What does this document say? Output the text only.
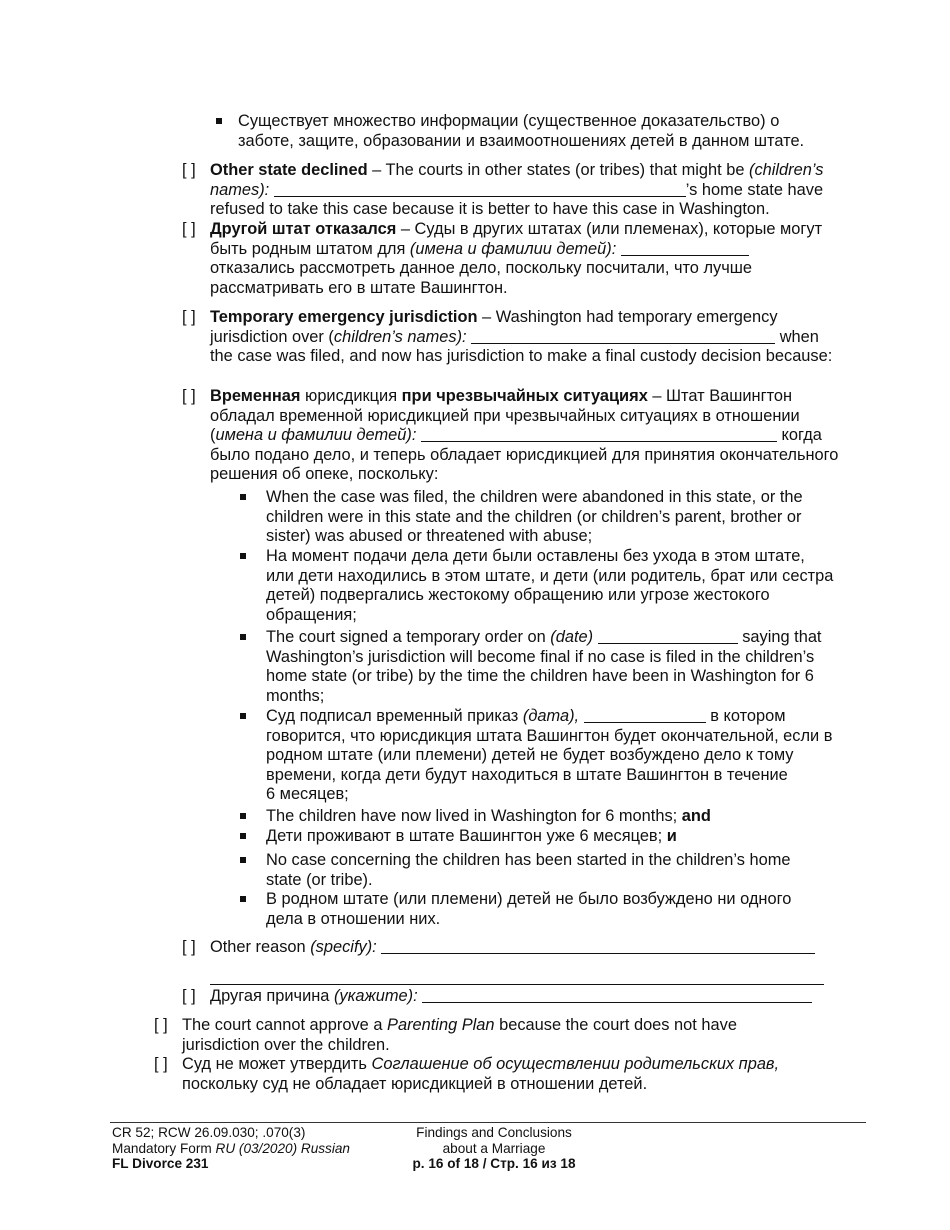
Существует множество информации (существенное доказательство) о заботе, защите, образовании и взаимоотношениях детей в данном штате.
[ ] Other state declined – The courts in other states (or tribes) that might be (children’s names):	’s home state have refused to take this case because it is better to have this case in Washington.
[ ] Другой штат отказался – Суды в других штатах (или племенах), которые могут быть родным штатом для (имена и фамилии детей):  отказались рассмотреть данное дело, поскольку посчитали, что лучше рассматривать его в штате Вашингтон.
[ ] Temporary emergency jurisdiction – Washington had temporary emergency jurisdiction over (children’s names):	when the case was filed, and now has jurisdiction to make a final custody decision because:
[ ] Временная юрисдикция при чрезвычайных ситуациях – Штат Вашингтон обладал временной юрисдикцией при чрезвычайных ситуациях в отношении (имена и фамилии детей):	когда было подано дело, и теперь обладает юрисдикцией для принятия окончательного решения об опеке, поскольку:
When the case was filed, the children were abandoned in this state, or the children were in this state and the children (or children’s parent, brother or sister) was abused or threatened with abuse;
На момент подачи дела дети были оставлены без ухода в этом штате, или дети находились в этом штате, и дети (или родитель, брат или сестра детей) подвергались жестокому обращению или угрозе жестокого обращения;
The court signed a temporary order on (date)	saying that Washington’s jurisdiction will become final if no case is filed in the children’s home state (or tribe) by the time the children have been in Washington for 6 months;
Суд подписал временный приказ (дата),	в котором говорится, что юрисдикция штата Вашингтон будет окончательной, если в родном штате (или племени) детей не будет возбуждено дело к тому времени, когда дети будут находиться в штате Вашингтон в течение
6 месяцев;
The children have now lived in Washington for 6 months; and
Дети проживают в штате Вашингтон уже 6 месяцев; и
No case concerning the children has been started in the children’s home state (or tribe).
В родном штате (или племени) детей не было возбуждено ни одного дела в отношении них.
[ ] Other reason (specify):
[ ] Другая причина (укажите):
[ ] The court cannot approve a Parenting Plan because the court does not have jurisdiction over the children.
[ ] Суд не может утвердить Соглашение об осуществлении родительских прав, поскольку суд не обладает юрисдикцией в отношении детей.
CR 52; RCW 26.09.030; .070(3)
Mandatory Form RU (03/2020) Russian
FL Divorce 231
Findings and Conclusions
about a Marriage
p. 16 of 18 / Стр. 16 из 18
